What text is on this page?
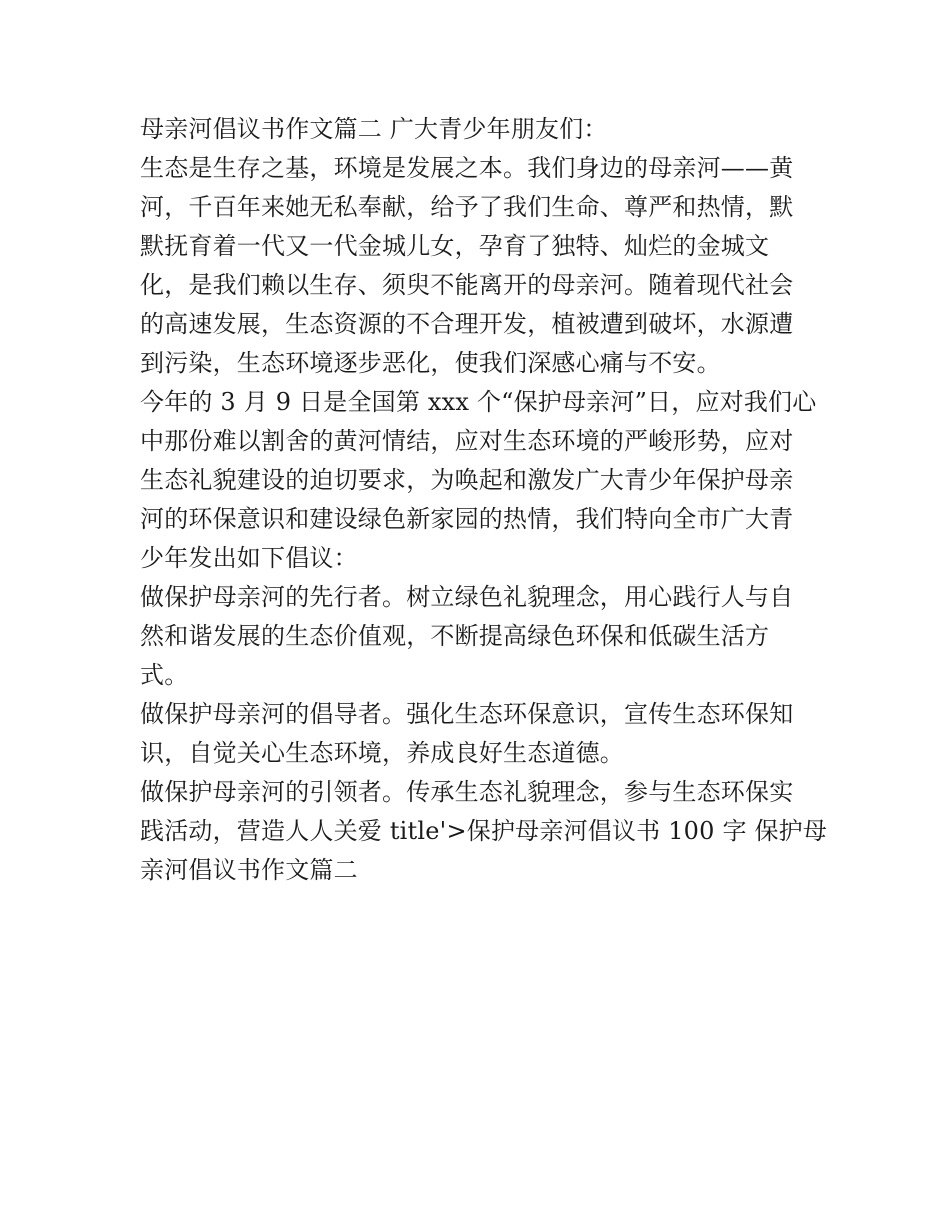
母亲河倡议书作文篇二 广大青少年朋友们：
生态是生存之基，环境是发展之本。我们身边的母亲河——黄
河，千百年来她无私奉献，给予了我们生命、尊严和热情，默
默抚育着一代又一代金城儿女，孕育了独特、灿烂的金城文
化，是我们赖以生存、须臾不能离开的母亲河。随着现代社会
的高速发展，生态资源的不合理开发，植被遭到破坏，水源遭
到污染，生态环境逐步恶化，使我们深感心痛与不安。
今年的 3 月 9 日是全国第 xxx 个“保护母亲河”日，应对我们心
中那份难以割舍的黄河情结，应对生态环境的严峻形势，应对
生态礼貌建设的迫切要求，为唤起和激发广大青少年保护母亲
河的环保意识和建设绿色新家园的热情，我们特向全市广大青
少年发出如下倡议：
做保护母亲河的先行者。树立绿色礼貌理念，用心践行人与自
然和谐发展的生态价值观，不断提高绿色环保和低碳生活方
式。
做保护母亲河的倡导者。强化生态环保意识，宣传生态环保知
识，自觉关心生态环境，养成良好生态道德。
做保护母亲河的引领者。传承生态礼貌理念，参与生态环保实
践活动，营造人人关爱 title'>保护母亲河倡议书 100 字 保护母
亲河倡议书作文篇二
